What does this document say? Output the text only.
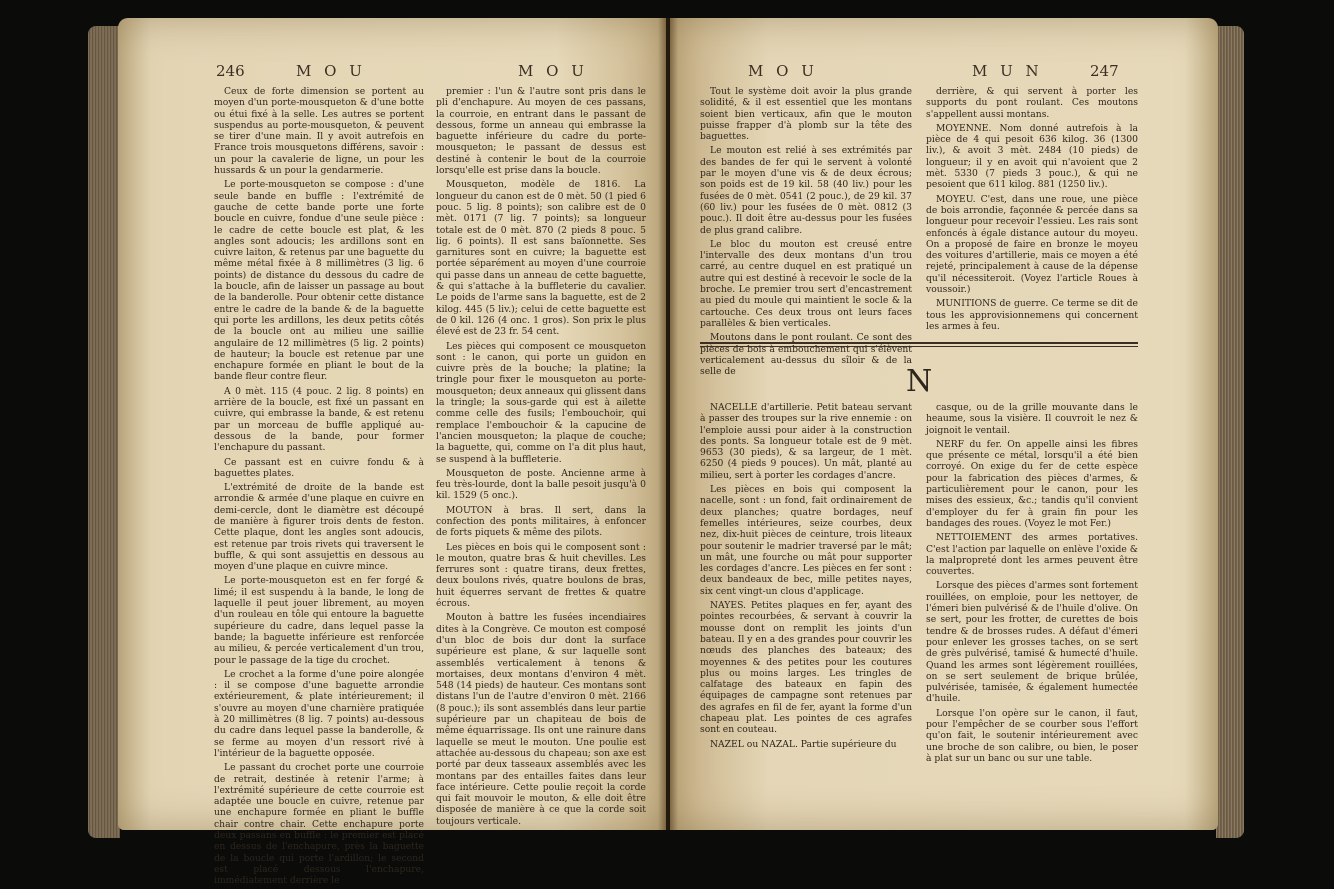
246	M O U	M O U

Ceux de forte dimension se portent au moyen d'un porte-mousqueton & d'une botte ou étui fixé à la selle. Les autres se portent suspendus au porte-mousqueton, & peuvent se tirer d'une main. Il y avoit autrefois en France trois mousquetons différens, savoir : un pour la cavalerie de ligne, un pour les hussards & un pour la gendarmerie.

Le porte-mousqueton se compose : d'une seule bande en buffle : l'extrémité de gauche de cette bande porte une forte boucle en cuivre, fondue d'une seule pièce : le cadre de cette boucle est plat, & les angles sont adoucis; les ardillons sont en cuivre laiton, & retenus par une baguette du même métal fixée à 8 millimètres (3 lig. 6 points) de distance du dessous du cadre de la boucle, afin de laisser un passage au bout de la banderolle. Pour obtenir cette distance entre le cadre de la bande & de la baguette qui porte les ardillons, les deux petits côtés de la boucle ont au milieu une saillie angulaire de 12 millimètres (5 lig. 2 points) de hauteur; la boucle est retenue par une enchapure formée en pliant le bout de la bande fleur contre fleur.

A 0 mèt. 115 (4 pouc. 2 lig. 8 points) en arrière de la boucle, est fixé un passant en cuivre, qui embrasse la bande, & est retenu par un morceau de buffle appliqué au-dessous de la bande, pour former l'enchapure du passant.

Ce passant est en cuivre fondu & à baguettes plates.

L'extrémité de droite de la bande est arrondie & armée d'une plaque en cuivre en demi-cercle, dont le diamètre est découpé de manière à figurer trois dents de feston. Cette plaque, dont les angles sont adoucis, est retenue par trois rivets qui traversent le buffle, & qui sont assujettis en dessous au moyen d'une plaque en cuivre mince.

Le porte-mousqueton est en fer forgé & limé; il est suspendu à la bande, le long de laquelle il peut jouer librement, au moyen d'un rouleau en tôle qui entoure la baguette supérieure du cadre, dans lequel passe la bande; la baguette inférieure est renforcée au milieu, & percée verticalement d'un trou, pour le passage de la tige du crochet.

Le crochet a la forme d'une poire alongée : il se compose d'une baguette arrondie extérieurement, & plate intérieurement; il s'ouvre au moyen d'une charnière pratiquée à 20 millimètres (8 lig. 7 points) au-dessous du cadre dans lequel passe la banderolle, & se ferme au moyen d'un ressort rivé à l'intérieur de la baguette opposée.

Le passant du crochet porte une courroie de retrait, destinée à retenir l'arme; à l'extrémité supérieure de cette courroie est adaptée une boucle en cuivre, retenue par une enchapure formée en pliant le buffle chair contre chair. Cette enchapure porte deux passans en buffle : le premier est placé en dessus de l'enchapure, près la baguette de la boucle qui porte l'ardillon; le second est placé dessous l'enchapure, immédiatement derrière le

premier : l'un & l'autre sont pris dans le pli d'enchapure. Au moyen de ces passans, la courroie, en entrant dans le passant de dessous, forme un anneau qui embrasse la baguette inférieure du cadre du porte-mousqueton; le passant de dessus est destiné à contenir le bout de la courroie lorsqu'elle est prise dans la boucle.

Mousqueton, modèle de 1816. La longueur du canon est de 0 mèt. 50 (1 pied 6 pouc. 5 lig. 8 points); son calibre est de 0 mèt. 0171 (7 lig. 7 points); sa longueur totale est de 0 mèt. 870 (2 pieds 8 pouc. 5 lig. 6 points). Il est sans baïonnette. Ses garnitures sont en cuivre; la baguette est portée séparément au moyen d'une courroie qui passe dans un anneau de cette baguette, & qui s'attache à la buffleterie du cavalier. Le poids de l'arme sans la baguette, est de 2 kilog. 445 (5 liv.); celui de cette baguette est de 0 kil. 126 (4 onc. 1 gros). Son prix le plus élevé est de 23 fr. 54 cent.

Les pièces qui composent ce mousqueton sont : le canon, qui porte un guidon en cuivre près de la bouche; la platine; la tringle pour fixer le mousqueton au porte-mousqueton; deux anneaux qui glissent dans la tringle; la sous-garde qui est à ailette comme celle des fusils; l'embouchoir, qui remplace l'embouchoir & la capucine de l'ancien mousqueton; la plaque de couche; la baguette, qui, comme on l'a dit plus haut, se suspend à la buffleterie.

Mousqueton de poste. Ancienne arme à feu très-lourde, dont la balle pesoit jusqu'à 0 kil. 1529 (5 onc.).

MOUTON à bras. Il sert, dans la confection des ponts militaires, à enfoncer de forts piquets & même des pilots.

Les pièces en bois qui le composent sont : le mouton, quatre bras & huit chevilles. Les ferrures sont : quatre tirans, deux frettes, deux boulons rivés, quatre boulons de bras, huit équerres servant de frettes & quatre écrous.

Mouton à battre les fusées incendiaires dites à la Congrève. Ce mouton est composé d'un bloc de bois dur dont la surface supérieure est plane, & sur laquelle sont assemblés verticalement à tenons & mortaises, deux montans d'environ 4 mèt. 548 (14 pieds) de hauteur. Ces montans sont distans l'un de l'autre d'environ 0 mèt. 2166 (8 pouc.); ils sont assemblés dans leur partie supérieure par un chapiteau de bois de même équarrissage. Ils ont une rainure dans laquelle se meut le mouton. Une poulie est attachée au-dessous du chapeau; son axe est porté par deux tasseaux assemblés avec les montans par des entailles faites dans leur face intérieure. Cette poulie reçoit la corde qui fait mouvoir le mouton, & elle doit être disposée de manière à ce que la corde soit toujours verticale.

M O U	M U N	247

Tout le système doit avoir la plus grande solidité, & il est essentiel que les montans soient bien verticaux, afin que le mouton puisse frapper d'à plomb sur la tête des baguettes.

Le mouton est relié à ses extrémités par des bandes de fer qui le servent à volonté par le moyen d'une vis & de deux écrous; son poids est de 19 kil. 58 (40 liv.) pour les fusées de 0 mèt. 0541 (2 pouc.), de 29 kil. 37 (60 liv.) pour les fusées de 0 mèt. 0812 (3 pouc.). Il doit être au-dessus pour les fusées de plus grand calibre.

Le bloc du mouton est creusé entre l'intervalle des deux montans d'un trou carré, au centre duquel en est pratiqué un autre qui est destiné à recevoir le socle de la broche. Le premier trou sert d'encastrement au pied du moule qui maintient le socle & la cartouche. Ces deux trous ont leurs faces parallèles & bien verticales.

Moutons dans le pont roulant. Ce sont des pièces de bois à embouchement qui s'élèvent verticalement au-dessus du sîloir & de la selle de

derrière, & qui servent à porter les supports du pont roulant. Ces moutons s'appellent aussi montans.

MOYENNE. Nom donné autrefois à la pièce de 4 qui pesoit 636 kilog. 36 (1300 liv.), & avoit 3 mèt. 2484 (10 pieds) de longueur; il y en avoit qui n'avoient que 2 mèt. 5330 (7 pieds 3 pouc.), & qui ne pesoient que 611 kilog. 881 (1250 liv.).

MOYEU. C'est, dans une roue, une pièce de bois arrondie, façonnée & percée dans sa longueur pour recevoir l'essieu. Les rais sont enfoncés à égale distance autour du moyeu. On a proposé de faire en bronze le moyeu des voitures d'artillerie, mais ce moyen a été rejeté, principalement à cause de la dépense qu'il nécessiteroit. (Voyez l'article Roues à voussoir.)

MUNITIONS de guerre. Ce terme se dit de tous les approvisionnemens qui concernent les armes à feu.

N

NACELLE d'artillerie. Petit bateau servant à passer des troupes sur la rive ennemie : on l'emploie aussi pour aider à la construction des ponts. Sa longueur totale est de 9 mèt. 9653 (30 pieds), & sa largeur, de 1 mèt. 6250 (4 pieds 9 pouces). Un mât, planté au milieu, sert à porter les cordages d'ancre.

Les pièces en bois qui composent la nacelle, sont : un fond, fait ordinairement de deux planches; quatre bordages, neuf femelles intérieures, seize courbes, deux nez, dix-huit pièces de ceinture, trois liteaux pour soutenir le madrier traversé par le mât; un mât, une fourche ou mât pour supporter les cordages d'ancre. Les pièces en fer sont : deux bandeaux de bec, mille petites nayes, six cent vingt-un clous d'applicage.

NAYES. Petites plaques en fer, ayant des pointes recourbées, & servant à couvrir la mousse dont on remplit les joints d'un bateau. Il y en a des grandes pour couvrir les nœuds des planches des bateaux; des moyennes & des petites pour les coutures plus ou moins larges. Les tringles de calfatage des bateaux en fapin des équipages de campagne sont retenues par des agrafes en fil de fer, ayant la forme d'un chapeau plat. Les pointes de ces agrafes sont en couteau.

NAZEL ou NAZAL. Partie supérieure du

casque, ou de la grille mouvante dans le heaume, sous la visière. Il couvroit le nez & joignoit le ventail.

NERF du fer. On appelle ainsi les fibres que présente ce métal, lorsqu'il a été bien corroyé. On exige du fer de cette espèce pour la fabrication des pièces d'armes, & particulièrement pour le canon, pour les mises des essieux, &c.; tandis qu'il convient d'employer du fer à grain fin pour les bandages des roues. (Voyez le mot Fer.)

NETTOIEMENT des armes portatives. C'est l'action par laquelle on enlève l'oxide & la malpropreté dont les armes peuvent être couvertes.

Lorsque des pièces d'armes sont fortement rouillées, on emploie, pour les nettoyer, de l'émeri bien pulvérisé & de l'huile d'olive. On se sert, pour les frotter, de curettes de bois tendre & de brosses rudes. A défaut d'émeri pour enlever les grosses taches, on se sert de grès pulvérisé, tamisé & humecté d'huile. Quand les armes sont légèrement rouillées, on se sert seulement de brique brûlée, pulvérisée, tamisée, & également humectée d'huile.

Lorsque l'on opère sur le canon, il faut, pour l'empêcher de se courber sous l'effort qu'on fait, le soutenir intérieurement avec une broche de son calibre, ou bien, le poser à plat sur un banc ou sur une table.
